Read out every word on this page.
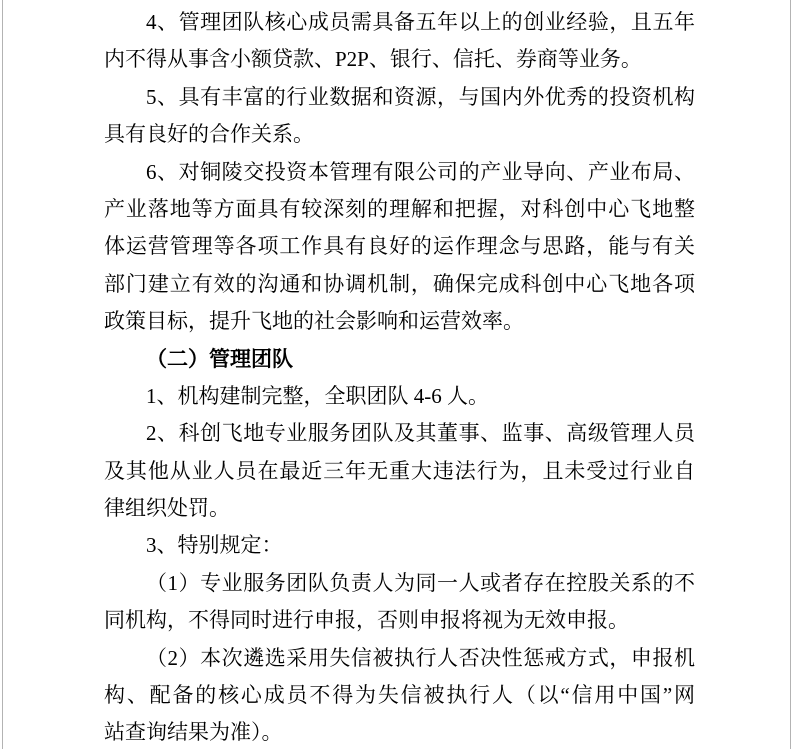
4、管理团队核心成员需具备五年以上的创业经验，且五年
内不得从事含小额贷款、P2P、银行、信托、券商等业务。
5、具有丰富的行业数据和资源，与国内外优秀的投资机构
具有良好的合作关系。
6、对铜陵交投资本管理有限公司的产业导向、产业布局、
产业落地等方面具有较深刻的理解和把握，对科创中心飞地整
体运营管理等各项工作具有良好的运作理念与思路，能与有关
部门建立有效的沟通和协调机制，确保完成科创中心飞地各项
政策目标，提升飞地的社会影响和运营效率。
（二）管理团队
1、机构建制完整，全职团队 4-6 人。
2、科创飞地专业服务团队及其董事、监事、高级管理人员
及其他从业人员在最近三年无重大违法行为，且未受过行业自
律组织处罚。
3、特别规定：
（1）专业服务团队负责人为同一人或者存在控股关系的不
同机构，不得同时进行申报，否则申报将视为无效申报。
（2）本次遴选采用失信被执行人否决性惩戒方式，申报机
构、配备的核心成员不得为失信被执行人（以“信用中国”网
站查询结果为准）。
